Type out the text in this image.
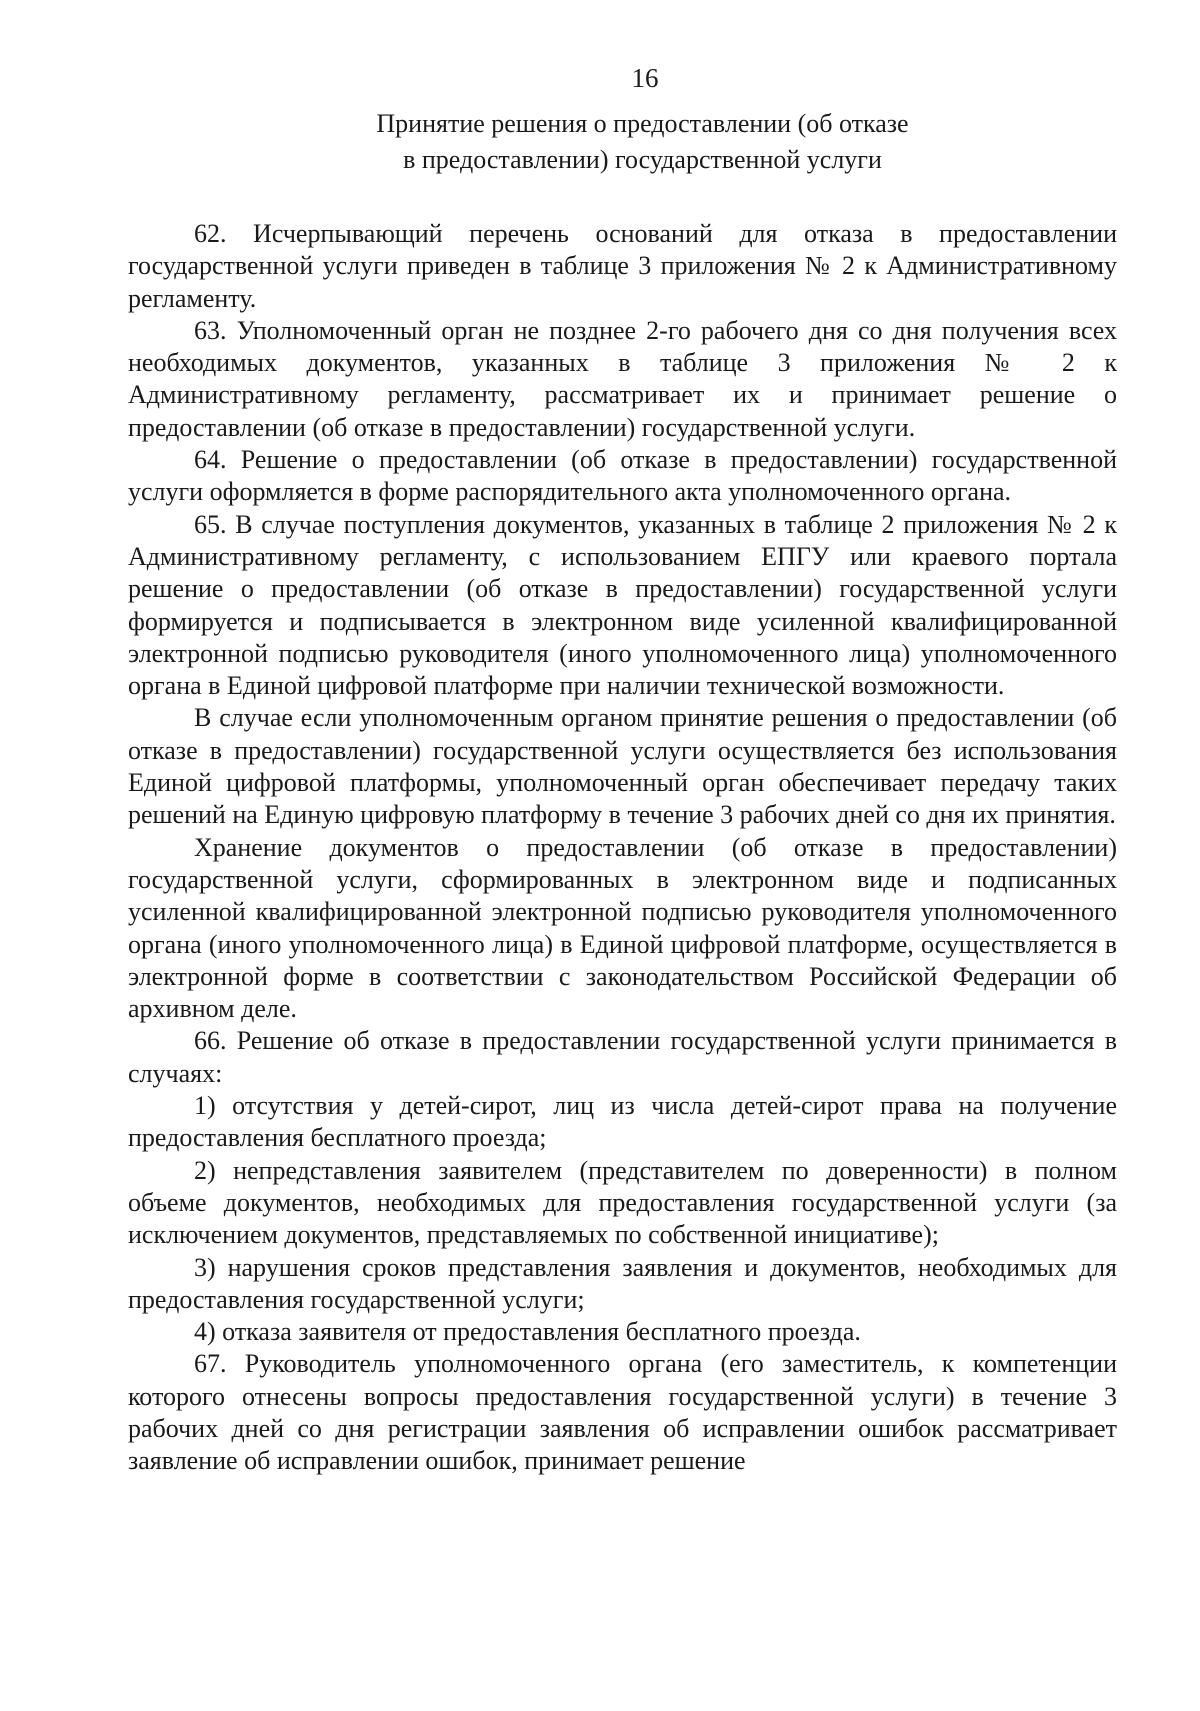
16
Принятие решения о предоставлении (об отказе
в предоставлении) государственной услуги

62. Исчерпывающий перечень оснований для отказа в предоставлении государственной услуги приведен в таблице 3 приложения № 2 к Административному регламенту.

63. Уполномоченный орган не позднее 2-го рабочего дня со дня получения всех необходимых документов, указанных в таблице 3 приложения № 2 к Административному регламенту, рассматривает их и принимает решение о предоставлении (об отказе в предоставлении) государственной услуги.

64. Решение о предоставлении (об отказе в предоставлении) государственной услуги оформляется в форме распорядительного акта уполномоченного органа.

65. В случае поступления документов, указанных в таблице 2 приложения № 2 к Административному регламенту, с использованием ЕПГУ или краевого портала решение о предоставлении (об отказе в предоставлении) государственной услуги формируется и подписывается в электронном виде усиленной квалифицированной электронной подписью руководителя (иного уполномоченного лица) уполномоченного органа в Единой цифровой платформе при наличии технической возможности.

В случае если уполномоченным органом принятие решения о предоставлении (об отказе в предоставлении) государственной услуги осуществляется без использования Единой цифровой платформы, уполномоченный орган обеспечивает передачу таких решений на Единую цифровую платформу в течение 3 рабочих дней со дня их принятия.

Хранение документов о предоставлении (об отказе в предоставлении) государственной услуги, сформированных в электронном виде и подписанных усиленной квалифицированной электронной подписью руководителя уполномоченного органа (иного уполномоченного лица) в Единой цифровой платформе, осуществляется в электронной форме в соответствии с законодательством Российской Федерации об архивном деле.

66. Решение об отказе в предоставлении государственной услуги принимается в случаях:

1) отсутствия у детей-сирот, лиц из числа детей-сирот права на получение предоставления бесплатного проезда;

2) непредставления заявителем (представителем по доверенности) в полном объеме документов, необходимых для предоставления государственной услуги (за исключением документов, представляемых по собственной инициативе);

3) нарушения сроков представления заявления и документов, необходимых для предоставления государственной услуги;

4) отказа заявителя от предоставления бесплатного проезда.

67. Руководитель уполномоченного органа (его заместитель, к компетенции которого отнесены вопросы предоставления государственной услуги) в течение 3 рабочих дней со дня регистрации заявления об исправлении ошибок рассматривает заявление об исправлении ошибок, принимает решение
